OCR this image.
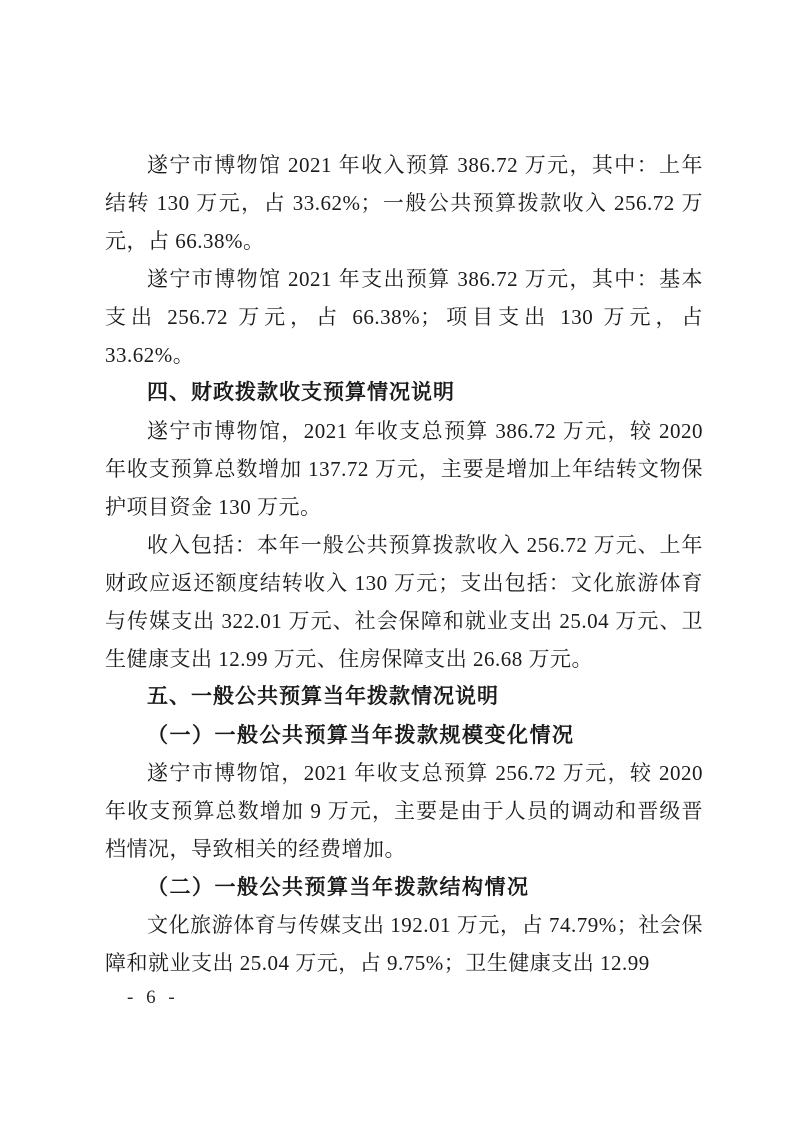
遂宁市博物馆 2021 年收入预算 386.72 万元，其中：上年结转 130 万元，占 33.62%；一般公共预算拨款收入 256.72 万元，占 66.38%。

遂宁市博物馆 2021 年支出预算 386.72 万元，其中：基本支出 256.72 万元，占 66.38%；项目支出 130 万元，占 33.62%。

四、财政拨款收支预算情况说明

遂宁市博物馆，2021 年收支总预算 386.72 万元，较 2020 年收支预算总数增加 137.72 万元，主要是增加上年结转文物保护项目资金 130 万元。

收入包括：本年一般公共预算拨款收入 256.72 万元、上年财政应返还额度结转收入 130 万元；支出包括：文化旅游体育与传媒支出 322.01 万元、社会保障和就业支出 25.04 万元、卫生健康支出 12.99 万元、住房保障支出 26.68 万元。

五、一般公共预算当年拨款情况说明

（一）一般公共预算当年拨款规模变化情况

遂宁市博物馆，2021 年收支总预算 256.72 万元，较 2020 年收支预算总数增加 9 万元，主要是由于人员的调动和晋级晋档情况，导致相关的经费增加。

（二）一般公共预算当年拨款结构情况

文化旅游体育与传媒支出 192.01 万元，占 74.79%；社会保障和就业支出 25.04 万元，占 9.75%；卫生健康支出 12.99

- 6 -
